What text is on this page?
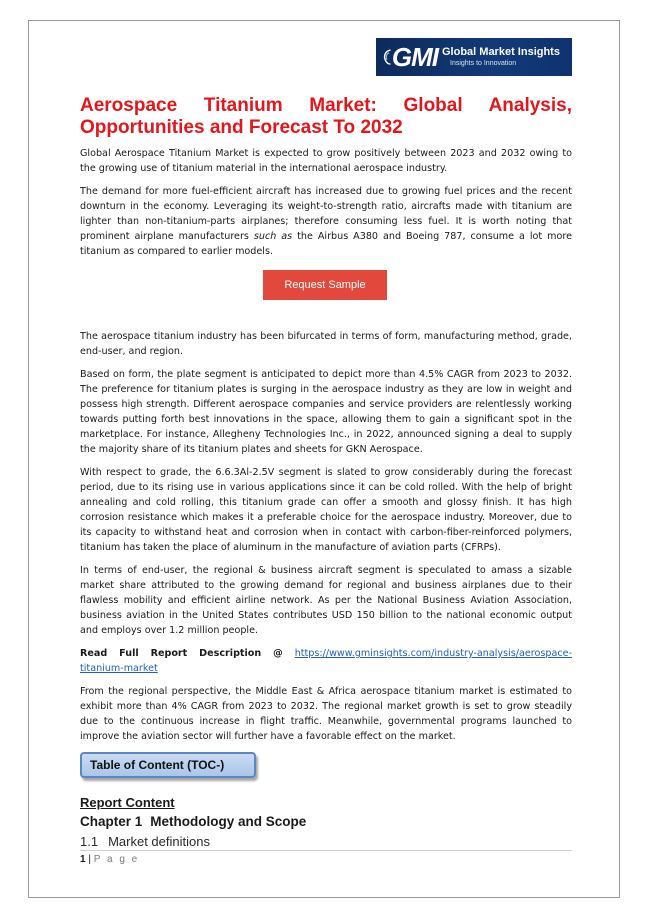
GMI Global Market Insights
Insights to Innovation
Aerospace Titanium Market: Global Analysis, Opportunities and Forecast To 2032

Global Aerospace Titanium Market is expected to grow positively between 2023 and 2032 owing to the growing use of titanium material in the international aerospace industry.

The demand for more fuel-efficient aircraft has increased due to growing fuel prices and the recent downturn in the economy. Leveraging its weight-to-strength ratio, aircrafts made with titanium are lighter than non-titanium-parts airplanes; therefore consuming less fuel. It is worth noting that prominent airplane manufacturers such as the Airbus A380 and Boeing 787, consume a lot more titanium as compared to earlier models.

Request Sample

The aerospace titanium industry has been bifurcated in terms of form, manufacturing method, grade, end-user, and region.

Based on form, the plate segment is anticipated to depict more than 4.5% CAGR from 2023 to 2032. The preference for titanium plates is surging in the aerospace industry as they are low in weight and possess high strength. Different aerospace companies and service providers are relentlessly working towards putting forth best innovations in the space, allowing them to gain a significant spot in the marketplace. For instance, Allegheny Technologies Inc., in 2022, announced signing a deal to supply the majority share of its titanium plates and sheets for GKN Aerospace.

With respect to grade, the 6.6.3Al-2.5V segment is slated to grow considerably during the forecast period, due to its rising use in various applications since it can be cold rolled. With the help of bright annealing and cold rolling, this titanium grade can offer a smooth and glossy finish. It has high corrosion resistance which makes it a preferable choice for the aerospace industry. Moreover, due to its capacity to withstand heat and corrosion when in contact with carbon-fiber-reinforced polymers, titanium has taken the place of aluminum in the manufacture of aviation parts (CFRPs).

In terms of end-user, the regional & business aircraft segment is speculated to amass a sizable market share attributed to the growing demand for regional and business airplanes due to their flawless mobility and efficient airline network. As per the National Business Aviation Association, business aviation in the United States contributes USD 150 billion to the national economic output and employs over 1.2 million people.

Read Full Report Description @ https://www.gminsights.com/industry-analysis/aerospace-titanium-market

From the regional perspective, the Middle East & Africa aerospace titanium market is estimated to exhibit more than 4% CAGR from 2023 to 2032. The regional market growth is set to grow steadily due to the continuous increase in flight traffic. Meanwhile, governmental programs launched to improve the aviation sector will further have a favorable effect on the market.

Table of Content (TOC-)
Report Content
Chapter 1 Methodology and Scope
1.1 Market definitions
1 | P a g e
